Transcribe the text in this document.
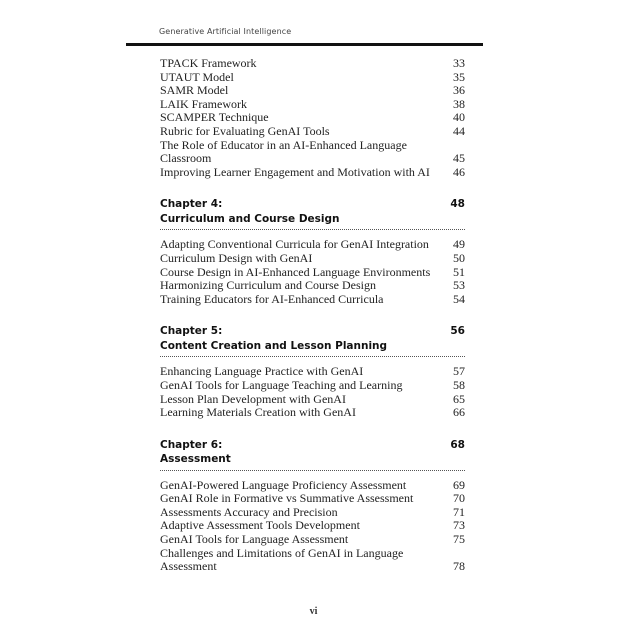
Generative Artificial Intelligence
TPACK Framework	33
UTAUT Model	35
SAMR Model	36
LAIK Framework	38
SCAMPER Technique	40
Rubric for Evaluating GenAI Tools	44
The Role of Educator in an AI-Enhanced Language Classroom	45
Improving Learner Engagement and Motivation with AI 46
Chapter 4:	48
Curriculum and Course Design
Adapting Conventional Curricula for GenAI Integration 49
Curriculum Design with GenAI	50
Course Design in AI-Enhanced Language Environments 51
Harmonizing Curriculum and Course Design	53
Training Educators for AI-Enhanced Curricula	54
Chapter 5:	56
Content Creation and Lesson Planning
Enhancing Language Practice with GenAI	57
GenAI Tools for Language Teaching and Learning	58
Lesson Plan Development with GenAI	65
Learning Materials Creation with GenAI	66
Chapter 6:	68
Assessment
GenAI-Powered Language Proficiency Assessment	69
GenAI Role in Formative vs Summative Assessment	70
Assessments Accuracy and Precision	71
Adaptive Assessment Tools Development	73
GenAI Tools for Language Assessment	75
Challenges and Limitations of GenAI in Language Assessment	78
vi
